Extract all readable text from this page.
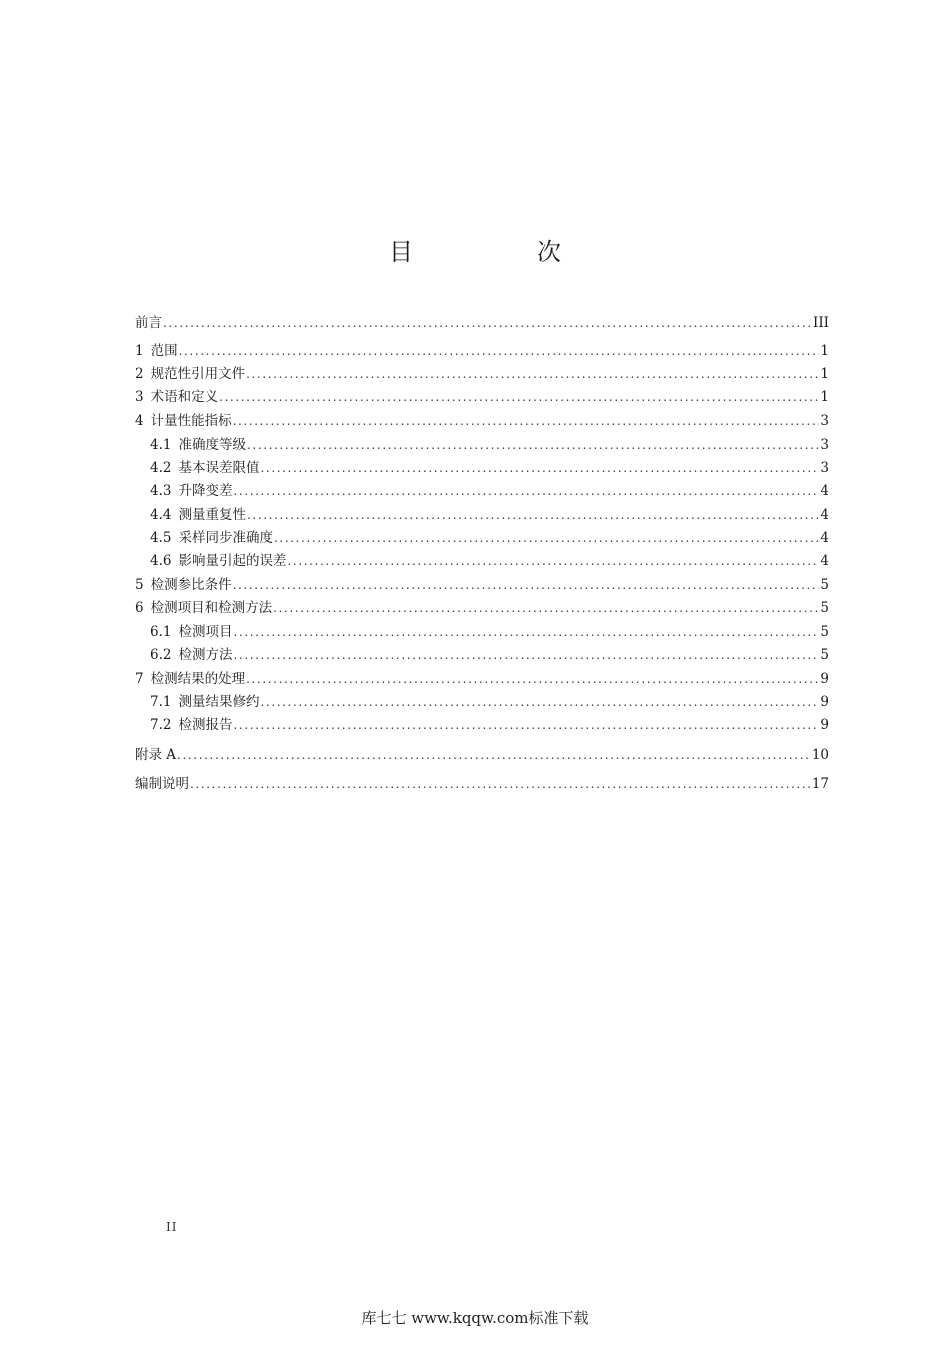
目　次
前言 .....	III
1 范围 .....	1
2 规范性引用文件 .....	1
3 术语和定义 .....	1
4 计量性能指标 .....	3
4.1 准确度等级 .....	3
4.2 基本误差限值 .....	3
4.3 升降变差 .....	4
4.4 测量重复性 .....	4
4.5 采样同步准确度 .....	4
4.6 影响量引起的误差 .....	4
5 检测参比条件 .....	5
6 检测项目和检测方法 .....	5
6.1 检测项目 .....	5
6.2 检测方法 .....	5
7 检测结果的处理 .....	9
7.1 测量结果修约 .....	9
7.2 检测报告 .....	9
附录 A .....	10
编制说明 .....	17
II
库七七 www.kqqw.com标准下载
